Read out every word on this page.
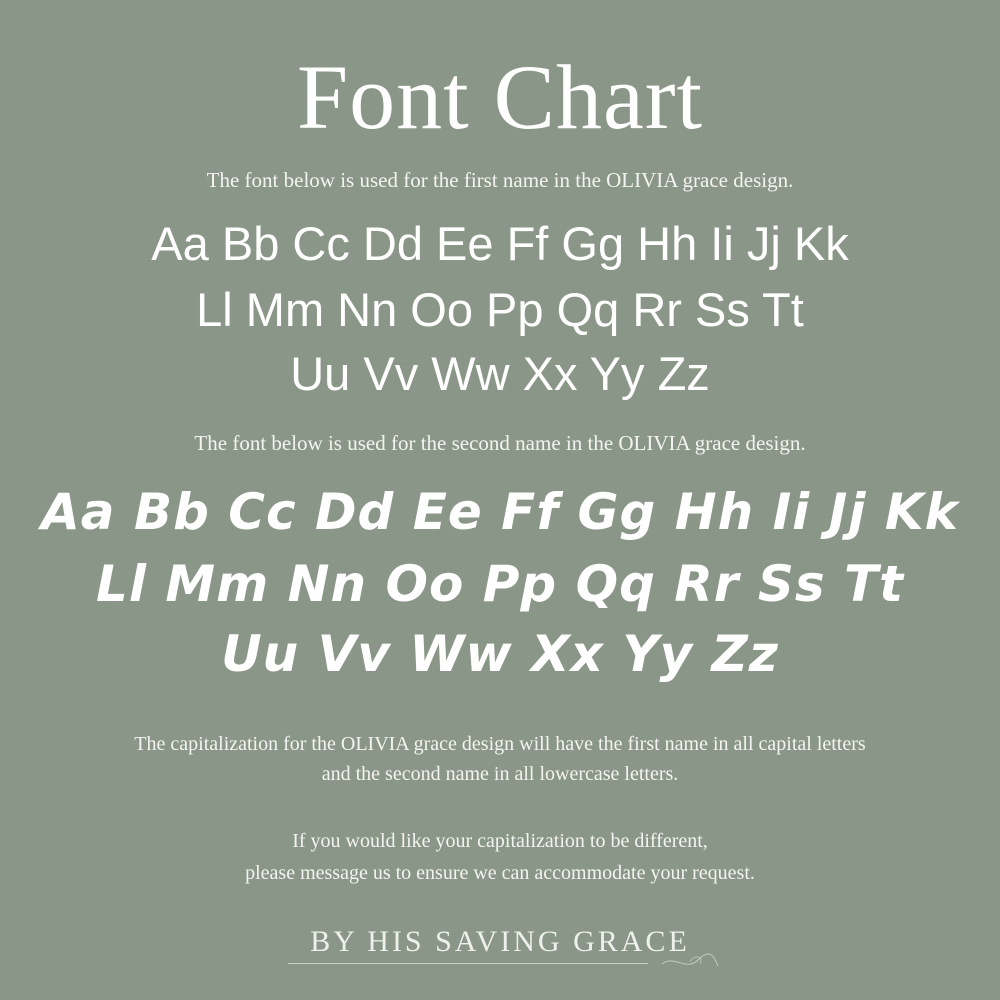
Font Chart
The font below is used for the first name in the OLIVIA grace design.
Aa Bb Cc Dd Ee Ff Gg Hh Ii Jj Kk
Ll Mm Nn Oo Pp Qq Rr Ss Tt
Uu Vv Ww Xx Yy Zz
The font below is used for the second name in the OLIVIA grace design.
Aa Bb Cc Dd Ee Ff Gg Hh Ii Jj Kk
Ll Mm Nn Oo Pp Qq Rr Ss Tt
Uu Vv Ww Xx Yy Zz
The capitalization for the OLIVIA grace design will have the first name in all capital letters
and the second name in all lowercase letters.
If you would like your capitalization to be different,
please message us to ensure we can accommodate your request.
BY HIS SAVING GRACE
